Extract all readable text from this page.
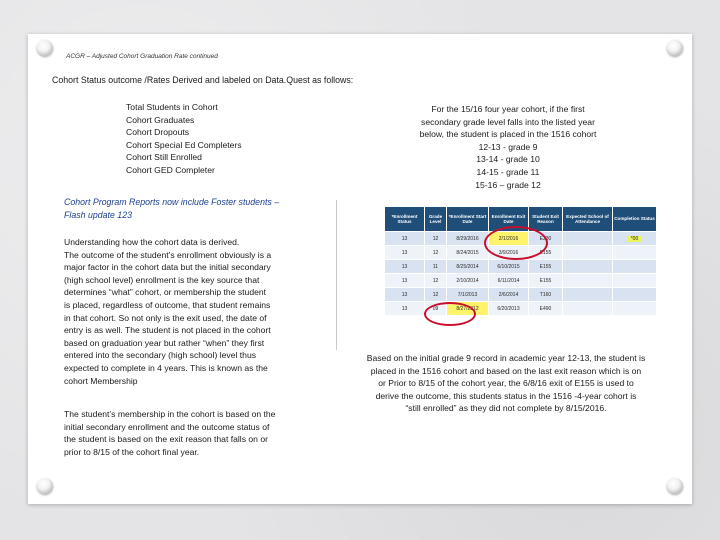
ACGR – Adjusted Cohort Graduation Rate continued
Cohort Status outcome /Rates Derived and labeled on Data.Quest as follows:
Total Students in Cohort
Cohort Graduates
Cohort Dropouts
Cohort Special Ed Completers
Cohort Still Enrolled
Cohort GED Completer
For the 15/16 four year cohort, if the first
secondary grade level falls into the listed year
below, the student is placed in the 1516 cohort
12-13 - grade 9
13-14 - grade 10
14-15 - grade 11
15-16 – grade 12
Cohort Program Reports now include Foster students –
Flash update 123
Understanding how the cohort data is derived.
The outcome of the student’s enrollment obviously is a
major factor in the cohort data but the initial secondary
(high school level) enrollment is the key source that
determines “what” cohort, or membership the student
is placed, regardless of outcome, that student remains
in that cohort. So not only is the exit used, the date of
entry is as well. The student is not placed in the cohort
based on graduation year but rather “when” they first
entered into the secondary (high school) level thus
expected to complete in 4 years. This is known as the
cohort Membership
The student’s membership in the cohort is based on the
initial secondary enrollment and the outcome status of
the student is based on the exit reason that falls on or
prior to 8/15 of the cohort final year.
*Enrollment Status	Grade Level	*Enrollment Start Date	Enrollment Exit Date	Student Exit Reason	Expected School of Attendance	Completion Status
13	12	8/29/2016	2/1/2016	E230		*00
13	12	8/24/2015	3/9/2016	E155		
13	11	8/25/2014	6/10/2015	E155		
13	12	2/10/2014	6/11/2014	E155		
13	12	7/1/2013	2/6/2014	T160		
13	09	8/27/2012	6/20/2013	E490		
Based on the initial grade 9 record in academic year 12-13, the student is
placed in the 1516 cohort and based on the last exit reason which is on
or Prior to 8/15 of the cohort year, the 6/8/16 exit of E155 is used to
derive the outcome, this students status in the 1516 -4-year cohort is
“still enrolled” as they did not complete by 8/15/2016.
